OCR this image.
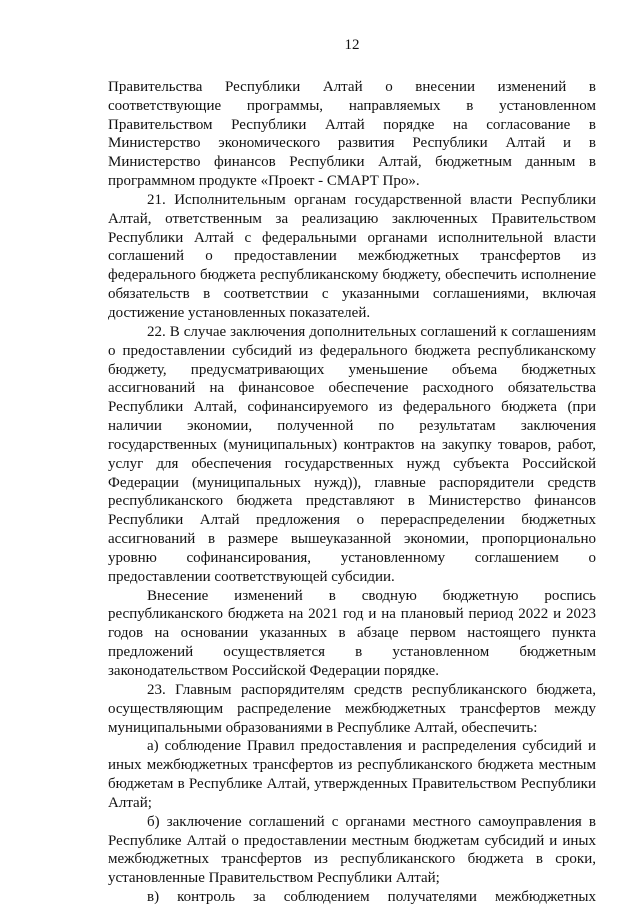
12

Правительства Республики Алтай о внесении изменений в соответствующие программы, направляемых в установленном Правительством Республики Алтай порядке на согласование в Министерство экономического развития Республики Алтай и в Министерство финансов Республики Алтай, бюджетным данным в программном продукте «Проект - СМАРТ Про».

21. Исполнительным органам государственной власти Республики Алтай, ответственным за реализацию заключенных Правительством Республики Алтай с федеральными органами исполнительной власти соглашений о предоставлении межбюджетных трансфертов из федерального бюджета республиканскому бюджету, обеспечить исполнение обязательств в соответствии с указанными соглашениями, включая достижение установленных показателей.

22. В случае заключения дополнительных соглашений к соглашениям о предоставлении субсидий из федерального бюджета республиканскому бюджету, предусматривающих уменьшение объема бюджетных ассигнований на финансовое обеспечение расходного обязательства Республики Алтай, софинансируемого из федерального бюджета (при наличии экономии, полученной по результатам заключения государственных (муниципальных) контрактов на закупку товаров, работ, услуг для обеспечения государственных нужд субъекта Российской Федерации (муниципальных нужд)), главные распорядители средств республиканского бюджета представляют в Министерство финансов Республики Алтай предложения о перераспределении бюджетных ассигнований в размере вышеуказанной экономии, пропорционально уровню софинансирования, установленному соглашением о предоставлении соответствующей субсидии.

Внесение изменений в сводную бюджетную роспись республиканского бюджета на 2021 год и на плановый период 2022 и 2023 годов на основании указанных в абзаце первом настоящего пункта предложений осуществляется в установленном бюджетным законодательством Российской Федерации порядке.

23. Главным распорядителям средств республиканского бюджета, осуществляющим распределение межбюджетных трансфертов между муниципальными образованиями в Республике Алтай, обеспечить:

а) соблюдение Правил предоставления и распределения субсидий и иных межбюджетных трансфертов из республиканского бюджета местным бюджетам в Республике Алтай, утвержденных Правительством Республики Алтай;

б) заключение соглашений с органами местного самоуправления в Республике Алтай о предоставлении местным бюджетам субсидий и иных межбюджетных трансфертов из республиканского бюджета в сроки, установленные Правительством Республики Алтай;

в) контроль за соблюдением получателями межбюджетных
